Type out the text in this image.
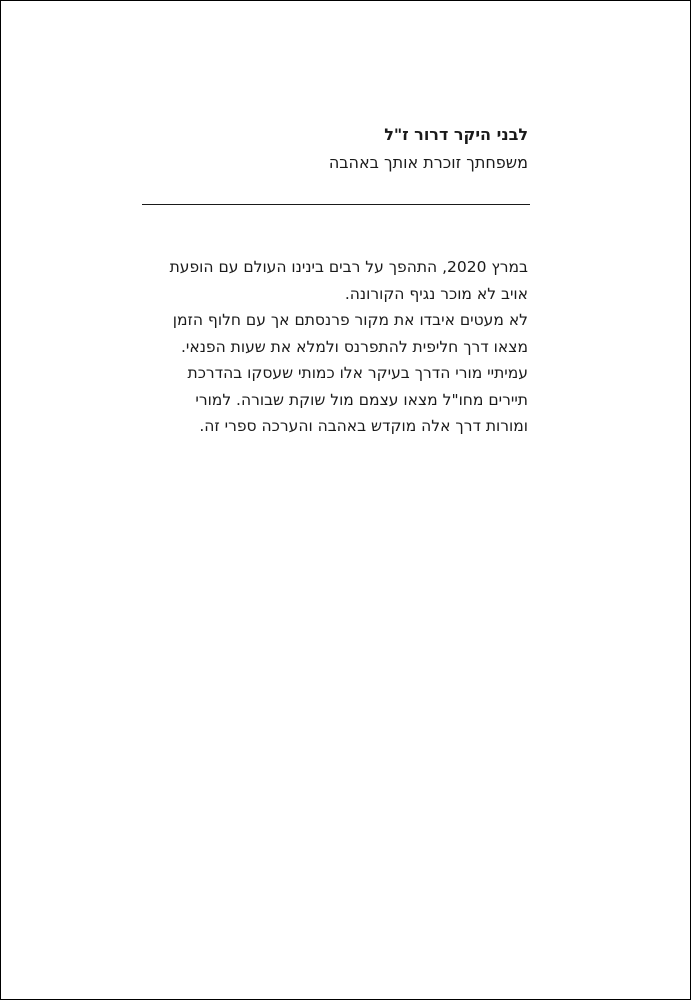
לבני היקר דרור ז"ל

משפחתך זוכרת אותך באהבה

במרץ 2020, התהפך על רבים בינינו העולם עם הופעת

אויב לא מוכר נגיף הקורונה.

לא מעטים איבדו את מקור פרנסתם אך עם חלוף הזמן

מצאו דרך חליפית להתפרנס ולמלא את שעות הפנאי.

עמיתיי מורי הדרך בעיקר אלו כמותי שעסקו בהדרכת

תיירים מחו"ל מצאו עצמם מול שוקת שבורה. למורי

ומורות דרך אלה מוקדש באהבה והערכה ספרי זה.
